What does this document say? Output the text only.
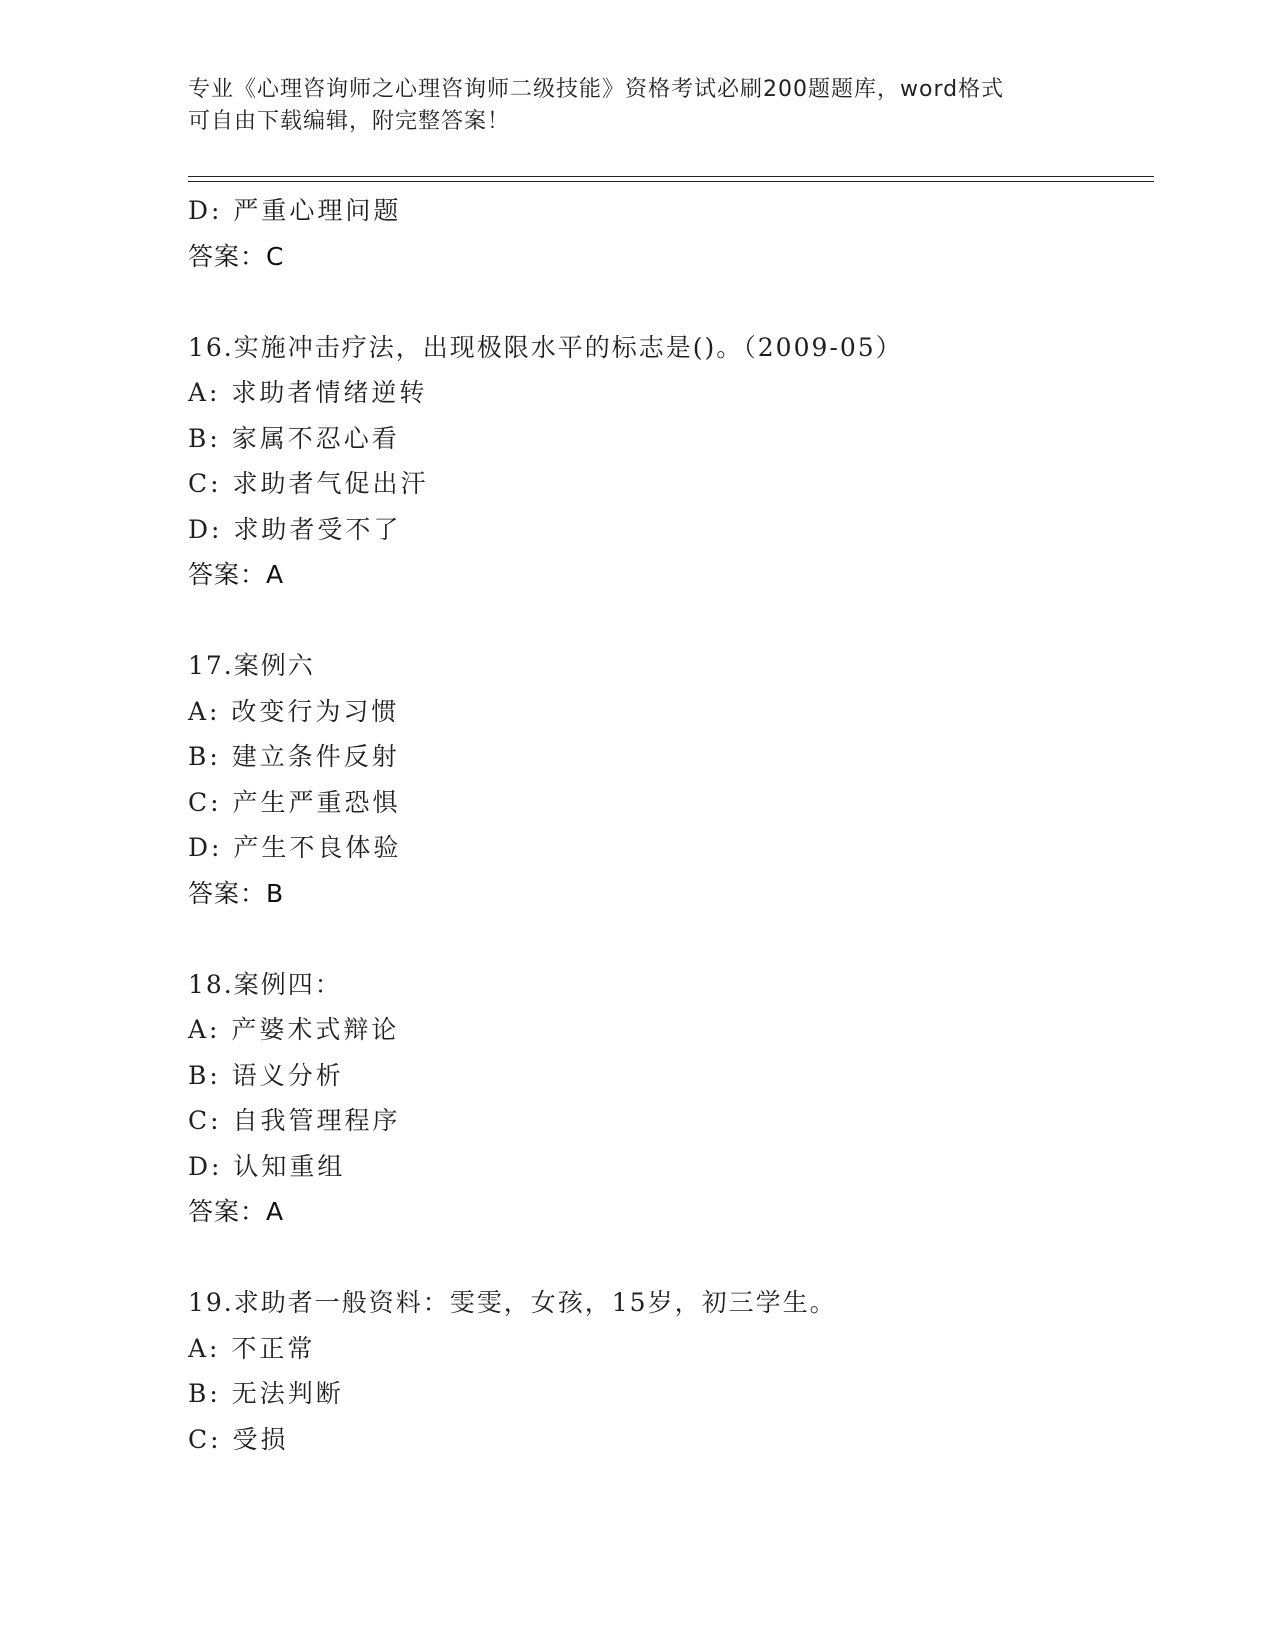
专业《心理咨询师之心理咨询师二级技能》资格考试必刷200题题库，word格式
可自由下载编辑，附完整答案！
D: 严重心理问题
答案：C
16.实施冲击疗法，出现极限水平的标志是()。（2009-05）
A: 求助者情绪逆转
B: 家属不忍心看
C: 求助者气促出汗
D: 求助者受不了
答案：A
17.案例六
A: 改变行为习惯
B: 建立条件反射
C: 产生严重恐惧
D: 产生不良体验
答案：B
18.案例四：
A: 产婆术式辩论
B: 语义分析
C: 自我管理程序
D: 认知重组
答案：A
19.求助者一般资料：雯雯，女孩，15岁，初三学生。
A: 不正常
B: 无法判断
C: 受损
